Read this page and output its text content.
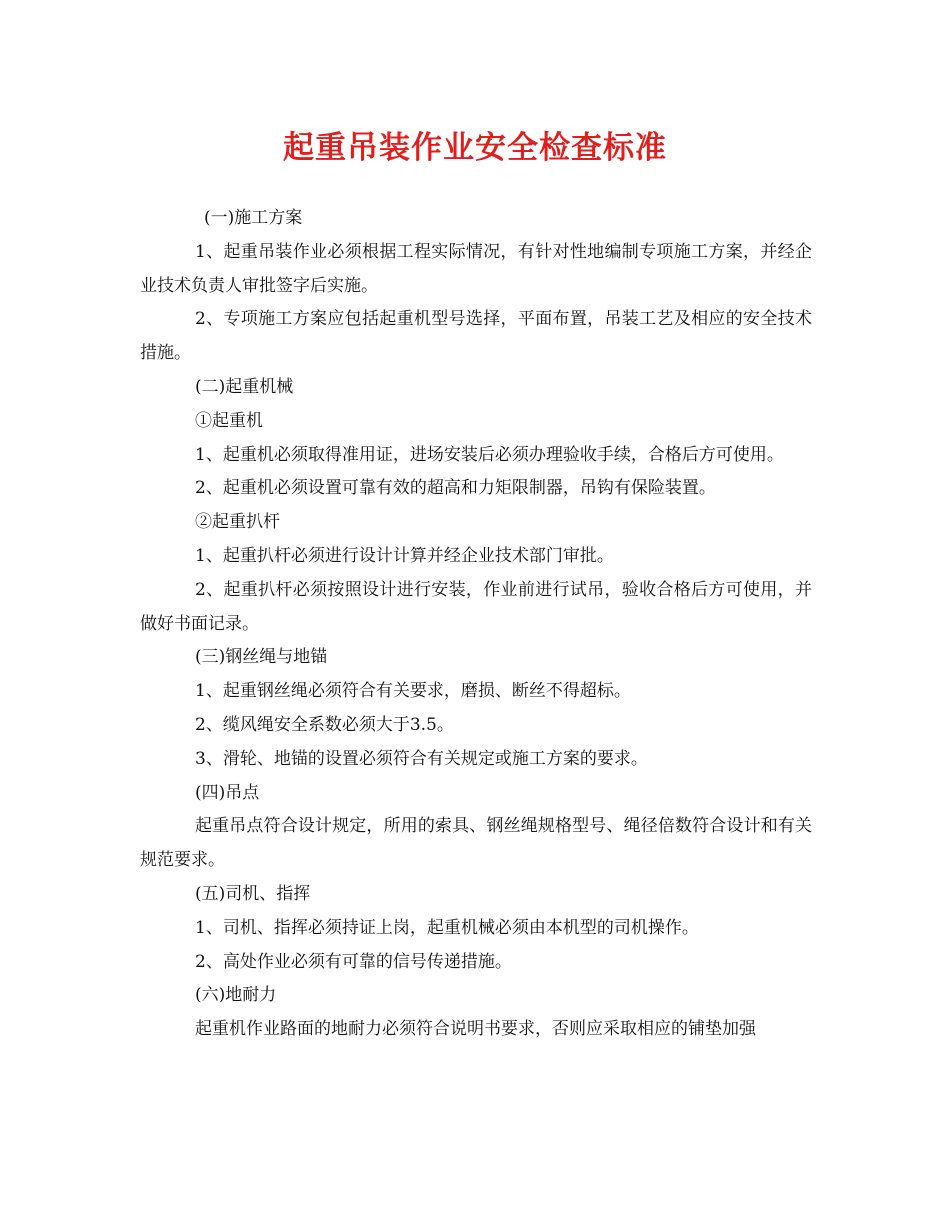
起重吊装作业安全检查标准

(一)施工方案

1、起重吊装作业必须根据工程实际情况，有针对性地编制专项施工方案，并经企业技术负责人审批签字后实施。

2、专项施工方案应包括起重机型号选择，平面布置，吊装工艺及相应的安全技术措施。

(二)起重机械

①起重机

1、起重机必须取得准用证，进场安装后必须办理验收手续，合格后方可使用。

2、起重机必须设置可靠有效的超高和力矩限制器，吊钩有保险装置。

②起重扒杆

1、起重扒杆必须进行设计计算并经企业技术部门审批。

2、起重扒杆必须按照设计进行安装，作业前进行试吊，验收合格后方可使用，并做好书面记录。

(三)钢丝绳与地锚

1、起重钢丝绳必须符合有关要求，磨损、断丝不得超标。

2、缆风绳安全系数必须大于3.5。

3、滑轮、地锚的设置必须符合有关规定或施工方案的要求。

(四)吊点

起重吊点符合设计规定，所用的索具、钢丝绳规格型号、绳径倍数符合设计和有关规范要求。

(五)司机、指挥

1、司机、指挥必须持证上岗，起重机械必须由本机型的司机操作。

2、高处作业必须有可靠的信号传递措施。

(六)地耐力

起重机作业路面的地耐力必须符合说明书要求，否则应采取相应的铺垫加强
